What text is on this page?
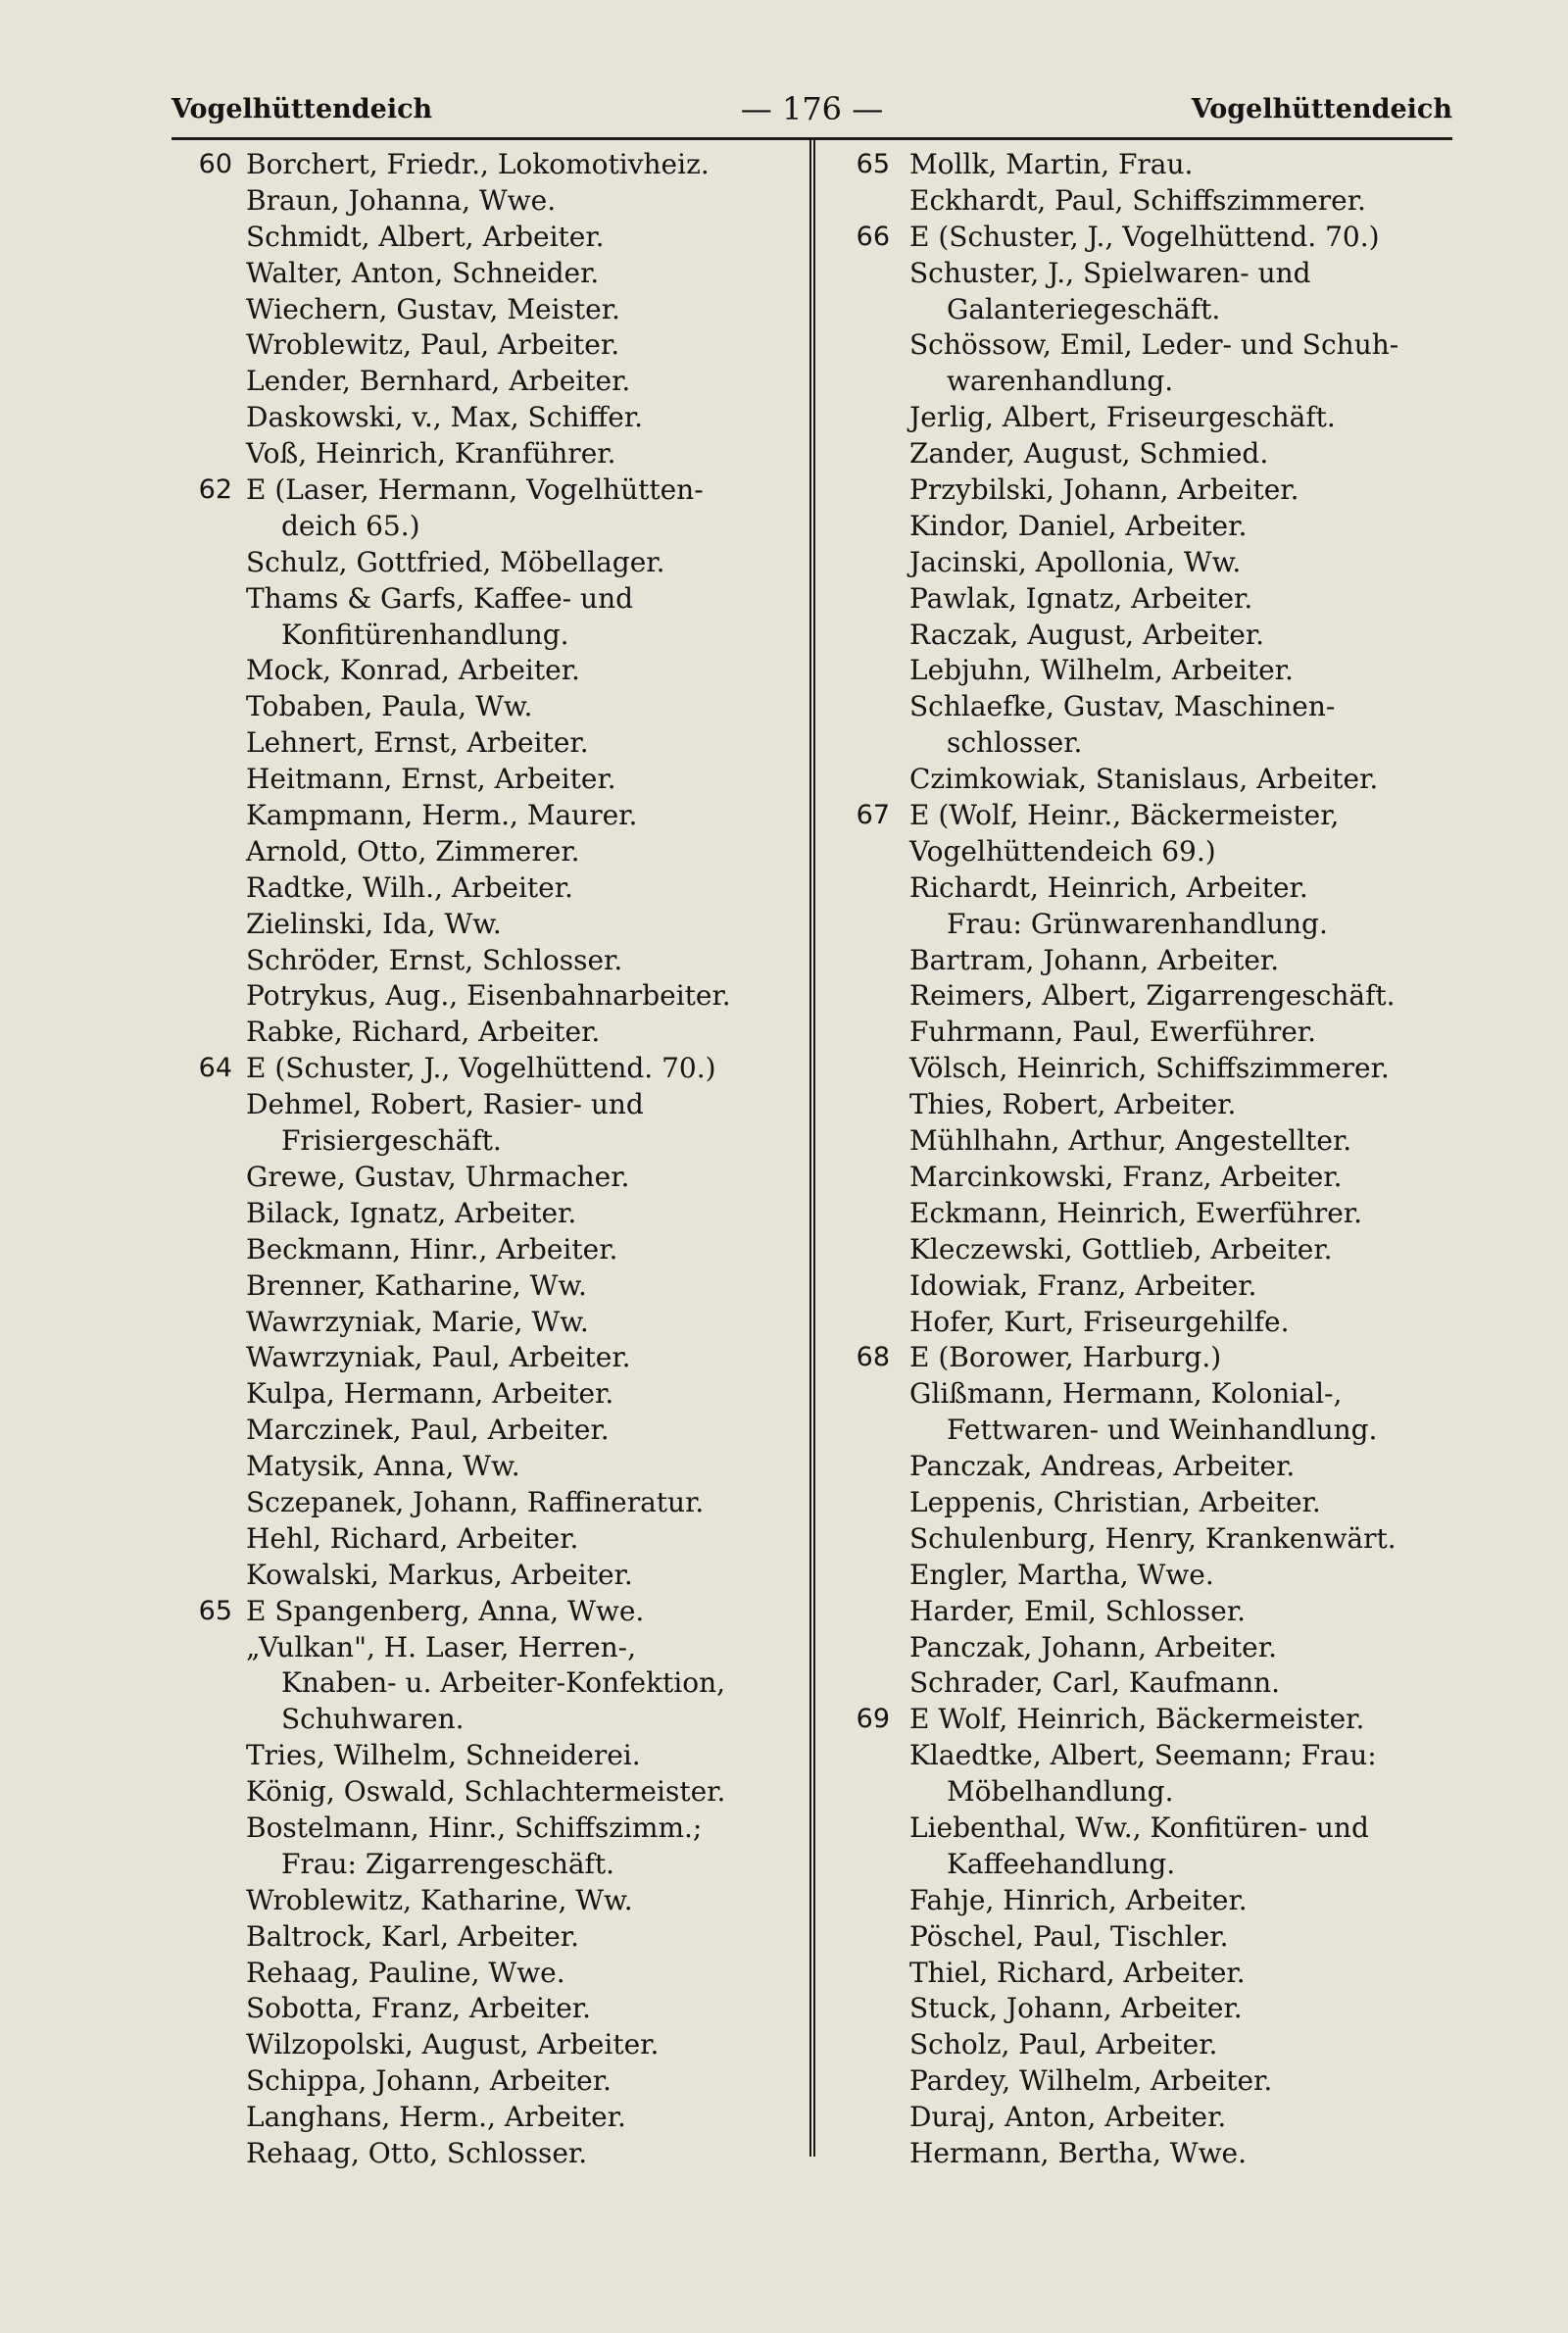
Vogelhüttendeich	— 176 —	Vogelhüttendeich
60 Borchert, Friedr., Lokomotivheiz.
Braun, Johanna, Wwe.
Schmidt, Albert, Arbeiter.
Walter, Anton, Schneider.
Wiechern, Gustav, Meister.
Wroblewitz, Paul, Arbeiter.
Lender, Bernhard, Arbeiter.
Daskowski, v., Max, Schiffer.
Voß, Heinrich, Kranführer.
62 E (Laser, Hermann, Vogelhütten-
deich 65.)
Schulz, Gottfried, Möbellager.
Thams & Garfs, Kaffee- und
Konfitürenhandlung.
Mock, Konrad, Arbeiter.
Tobaben, Paula, Ww.
Lehnert, Ernst, Arbeiter.
Heitmann, Ernst, Arbeiter.
Kampmann, Herm., Maurer.
Arnold, Otto, Zimmerer.
Radtke, Wilh., Arbeiter.
Zielinski, Ida, Ww.
Schröder, Ernst, Schlosser.
Potrykus, Aug., Eisenbahnarbeiter.
Rabke, Richard, Arbeiter.
64 E (Schuster, J., Vogelhüttend. 70.)
Dehmel, Robert, Rasier- und
Frisiergeschäft.
Grewe, Gustav, Uhrmacher.
Bilack, Ignatz, Arbeiter.
Beckmann, Hinr., Arbeiter.
Brenner, Katharine, Ww.
Wawrzyniak, Marie, Ww.
Wawrzyniak, Paul, Arbeiter.
Kulpa, Hermann, Arbeiter.
Marczinek, Paul, Arbeiter.
Matysik, Anna, Ww.
Sczepanek, Johann, Raffineratur.
Hehl, Richard, Arbeiter.
Kowalski, Markus, Arbeiter.
65 E Spangenberg, Anna, Wwe.
„Vulkan", H. Laser, Herren-,
Knaben- u. Arbeiter-Konfektion,
Schuhwaren.
Tries, Wilhelm, Schneiderei.
König, Oswald, Schlachtermeister.
Bostelmann, Hinr., Schiffszimm.;
Frau: Zigarrengeschäft.
Wroblewitz, Katharine, Ww.
Baltrock, Karl, Arbeiter.
Rehaag, Pauline, Wwe.
Sobotta, Franz, Arbeiter.
Wilzopolski, August, Arbeiter.
Schippa, Johann, Arbeiter.
Langhans, Herm., Arbeiter.
Rehaag, Otto, Schlosser.
65 Mollk, Martin, Frau.
Eckhardt, Paul, Schiffszimmerer.
66 E (Schuster, J., Vogelhüttend. 70.)
Schuster, J., Spielwaren- und
Galanteriegeschäft.
Schössow, Emil, Leder- und Schuh-
warenhandlung.
Jerlig, Albert, Friseurgeschäft.
Zander, August, Schmied.
Przybilski, Johann, Arbeiter.
Kindor, Daniel, Arbeiter.
Jacinski, Apollonia, Ww.
Pawlak, Ignatz, Arbeiter.
Raczak, August, Arbeiter.
Lebjuhn, Wilhelm, Arbeiter.
Schlaefke, Gustav, Maschinen-
schlosser.
Czimkowiak, Stanislaus, Arbeiter.
67 E (Wolf, Heinr., Bäckermeister,
Vogelhüttendeich 69.)
Richardt, Heinrich, Arbeiter.
Frau: Grünwarenhandlung.
Bartram, Johann, Arbeiter.
Reimers, Albert, Zigarrengeschäft.
Fuhrmann, Paul, Ewerführer.
Völsch, Heinrich, Schiffszimmerer.
Thies, Robert, Arbeiter.
Mühlhahn, Arthur, Angestellter.
Marcinkowski, Franz, Arbeiter.
Eckmann, Heinrich, Ewerführer.
Kleczewski, Gottlieb, Arbeiter.
Idowiak, Franz, Arbeiter.
Hofer, Kurt, Friseurgehilfe.
68 E (Borower, Harburg.)
Glißmann, Hermann, Kolonial-,
Fettwaren- und Weinhandlung.
Panczak, Andreas, Arbeiter.
Leppenis, Christian, Arbeiter.
Schulenburg, Henry, Krankenwärt.
Engler, Martha, Wwe.
Harder, Emil, Schlosser.
Panczak, Johann, Arbeiter.
Schrader, Carl, Kaufmann.
69 E Wolf, Heinrich, Bäckermeister.
Klaedtke, Albert, Seemann; Frau:
Möbelhandlung.
Liebenthal, Ww., Konfitüren- und
Kaffeehandlung.
Fahje, Hinrich, Arbeiter.
Pöschel, Paul, Tischler.
Thiel, Richard, Arbeiter.
Stuck, Johann, Arbeiter.
Scholz, Paul, Arbeiter.
Pardey, Wilhelm, Arbeiter.
Duraj, Anton, Arbeiter.
Hermann, Bertha, Wwe.
